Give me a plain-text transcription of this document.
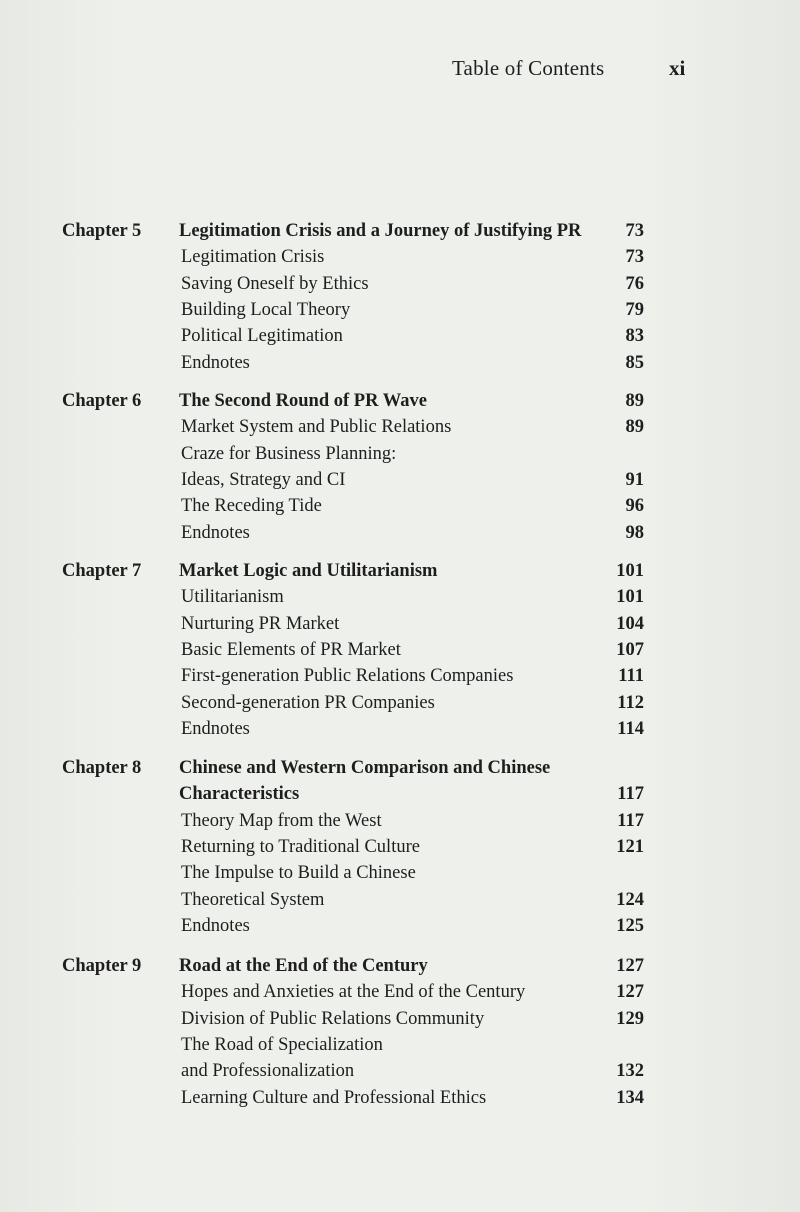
Table of Contents	xi
Chapter 5 Legitimation Crisis and a Journey of Justifying PR 73
Legitimation Crisis	73
Saving Oneself by Ethics	76
Building Local Theory	79
Political Legitimation	83
Endnotes	85
Chapter 6 The Second Round of PR Wave	89
Market System and Public Relations	89
Craze for Business Planning:
Ideas, Strategy and CI	91
The Receding Tide	96
Endnotes	98
Chapter 7 Market Logic and Utilitarianism	101
Utilitarianism	101
Nurturing PR Market	104
Basic Elements of PR Market	107
First-generation Public Relations Companies	111
Second-generation PR Companies	112
Endnotes	114
Chapter 8 Chinese and Western Comparison and Chinese
Characteristics	117
Theory Map from the West	117
Returning to Traditional Culture	121
The Impulse to Build a Chinese
Theoretical System	124
Endnotes	125
Chapter 9 Road at the End of the Century	127
Hopes and Anxieties at the End of the Century	127
Division of Public Relations Community	129
The Road of Specialization
and Professionalization	132
Learning Culture and Professional Ethics	134
